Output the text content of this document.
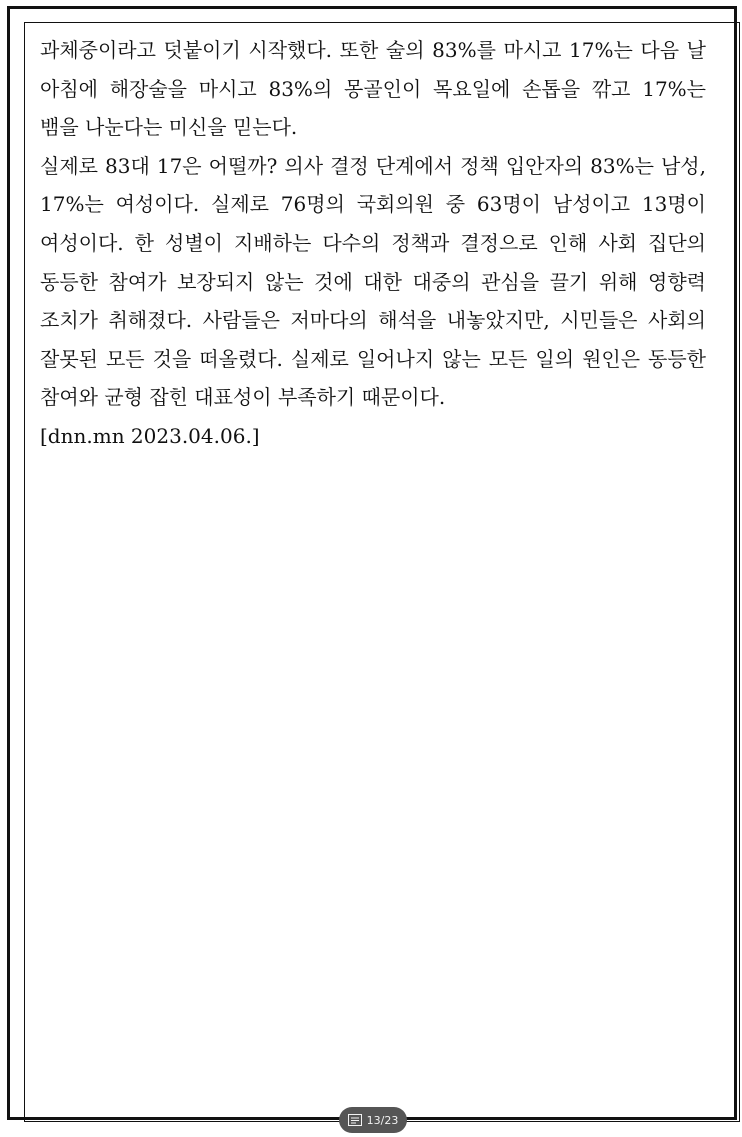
과체중이라고 덧붙이기 시작했다. 또한 술의 83%를 마시고 17%는 다음 날 아침에 해장술을 마시고 83%의 몽골인이 목요일에 손톱을 깎고 17%는 뱀을 나눈다는 미신을 믿는다.

실제로 83대 17은 어떨까? 의사 결정 단계에서 정책 입안자의 83%는 남성, 17%는 여성이다. 실제로 76명의 국회의원 중 63명이 남성이고 13명이 여성이다. 한 성별이 지배하는 다수의 정책과 결정으로 인해 사회 집단의 동등한 참여가 보장되지 않는 것에 대한 대중의 관심을 끌기 위해 영향력 조치가 취해졌다. 사람들은 저마다의 해석을 내놓았지만, 시민들은 사회의 잘못된 모든 것을 떠올렸다. 실제로 일어나지 않는 모든 일의 원인은 동등한 참여와 균형 잡힌 대표성이 부족하기 때문이다.

[dnn.mn 2023.04.06.]

13/23
